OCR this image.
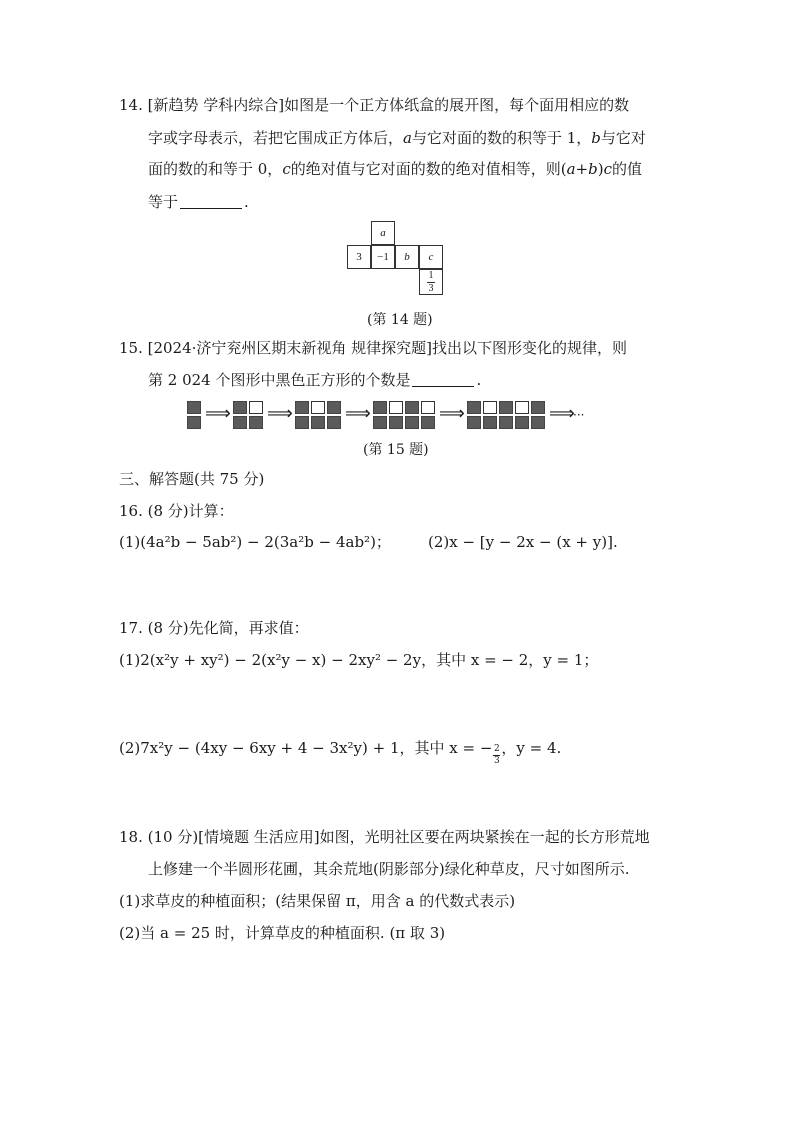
14. [新趋势 学科内综合]如图是一个正方体纸盒的展开图，每个面用相应的数
字或字母表示，若把它围成正方体后，a与它对面的数的积等于 1，b与它对
面的数的和等于 0，c的绝对值与它对面的数的绝对值相等，则(a+b)c的值
等于	.
a
3 −1 b c
$\frac{1}{3}$
(第 14 题)
15. [2024·济宁兖州区期末新视角 规律探究题]找出以下图形变化的规律，则
第 2 024 个图形中黑色正方形的个数是	.
⟹ ⟹	⟹	⟹	⟹
···
(第 15 题)
三、解答题(共 75 分)
16. (8 分)计算：
(1)(4a²b − 5ab²) − 2(3a²b − 4ab²)； (2)x − [y − 2x − (x + y)].
17. (8 分)先化简，再求值：
(1)2(x²y + xy²) − 2(x²y − x) − 2xy² − 2y，其中 x = − 2，y = 1；
(2)7x²y − (4xy − 6xy + 4 − 3x²y) + 1，其中 x = − $\frac{2}{3}$ ，y = 4.
18. (10 分)[情境题 生活应用]如图，光明社区要在两块紧挨在一起的长方形荒地
上修建一个半圆形花圃，其余荒地(阴影部分)绿化种草皮，尺寸如图所示.
(1)求草皮的种植面积；(结果保留 π，用含 a 的代数式表示)
(2)当 a = 25 时，计算草皮的种植面积. (π 取 3)
